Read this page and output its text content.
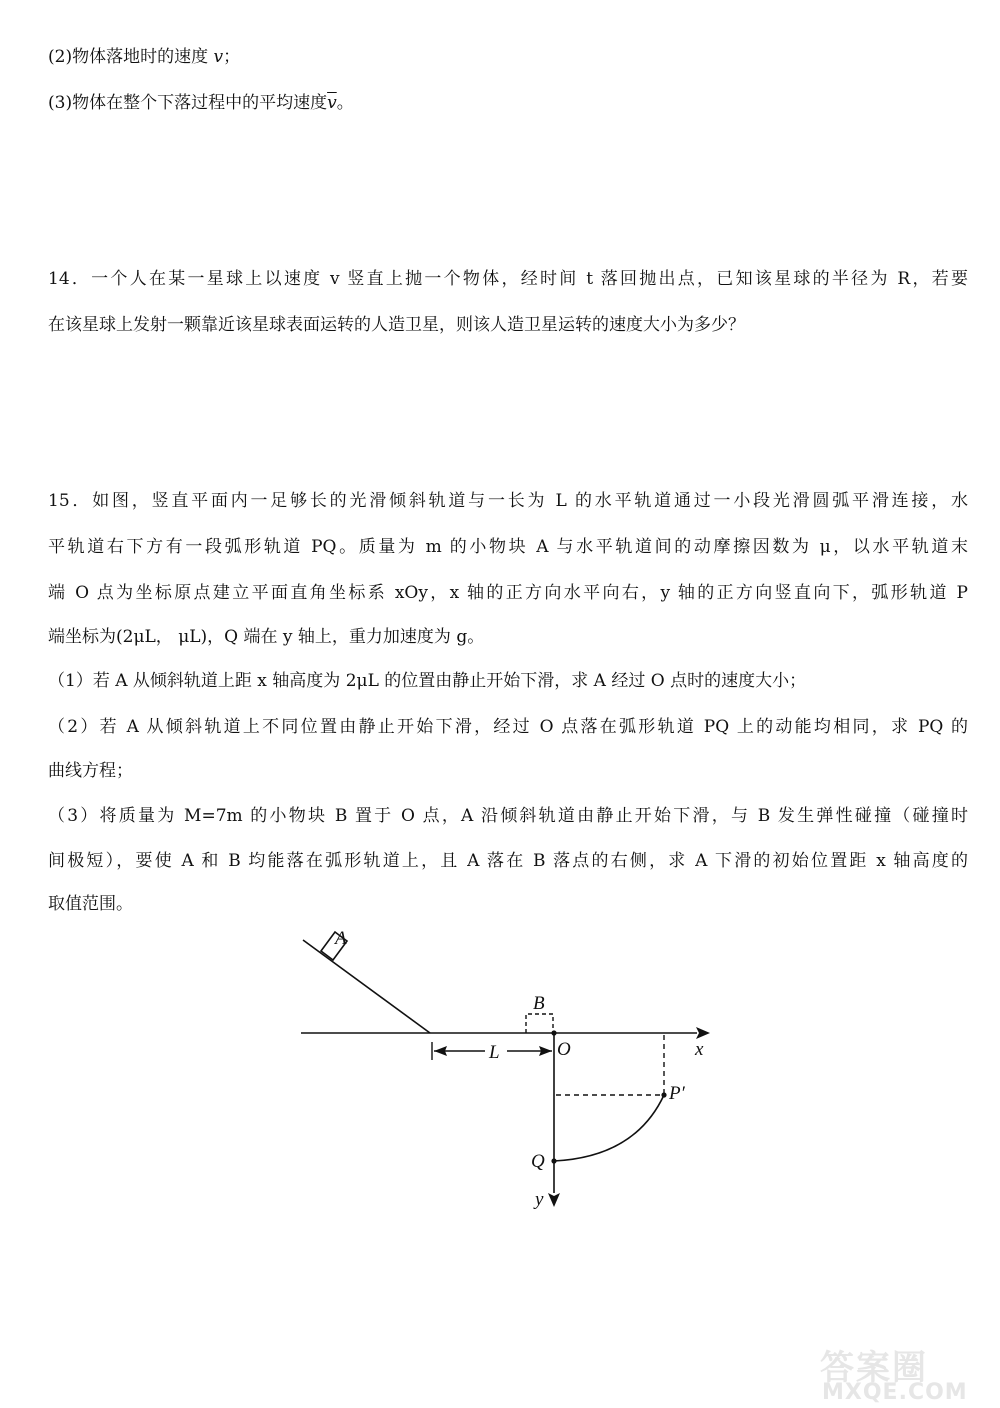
(2)物体落地时的速度 v；
(3)物体在整个下落过程中的平均速度$\overline{v}$。
14．一个人在某一星球上以速度 v 竖直上抛一个物体，经时间 t 落回抛出点，已知该星球的半径为 R，若要
在该星球上发射一颗靠近该星球表面运转的人造卫星，则该人造卫星运转的速度大小为多少？
15．如图，竖直平面内一足够长的光滑倾斜轨道与一长为 L 的水平轨道通过一小段光滑圆弧平滑连接，水
平轨道右下方有一段弧形轨道 PQ。质量为 m 的小物块 A 与水平轨道间的动摩擦因数为 μ，以水平轨道末
端 O 点为坐标原点建立平面直角坐标系 xOy，x 轴的正方向水平向右，y 轴的正方向竖直向下，弧形轨道 P
端坐标为(2μL， μL)，Q 端在 y 轴上，重力加速度为 g。
（1）若 A 从倾斜轨道上距 x 轴高度为 2μL 的位置由静止开始下滑，求 A 经过 O 点时的速度大小；
（2）若 A 从倾斜轨道上不同位置由静止开始下滑，经过 O 点落在弧形轨道 PQ 上的动能均相同，求 PQ 的
曲线方程；
（3）将质量为 M=7m 的小物块 B 置于 O 点，A 沿倾斜轨道由静止开始下滑，与 B 发生弹性碰撞（碰撞时
间极短），要使 A 和 B 均能落在弧形轨道上，且 A 落在 B 落点的右侧，求 A 下滑的初始位置距 x 轴高度的
取值范围。
A
x
B
O
y
L
P′
Q
答案圈
MXQE.COM
